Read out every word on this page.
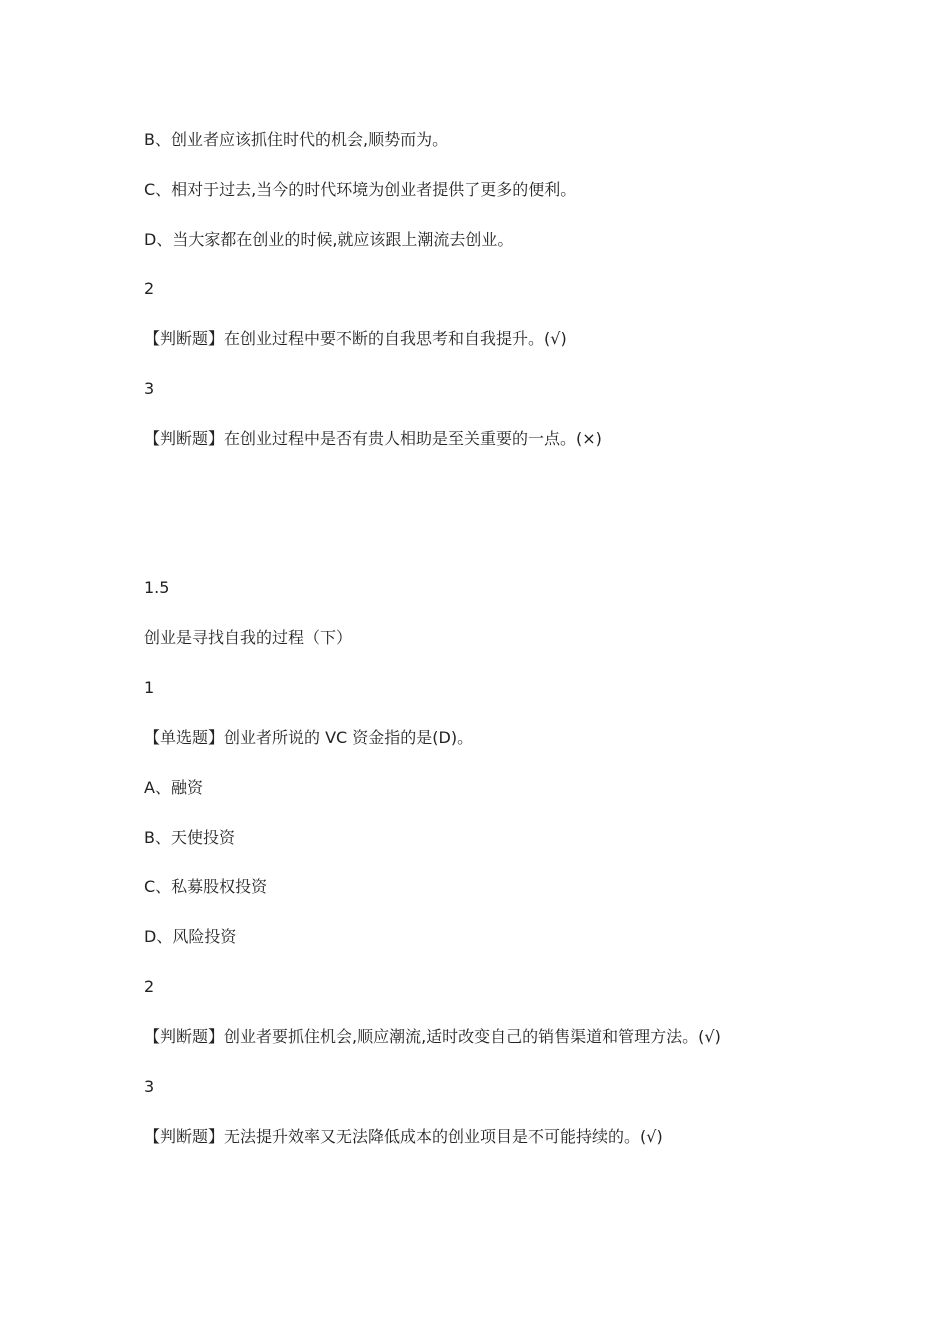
B、创业者应该抓住时代的机会,顺势而为。
C、相对于过去,当今的时代环境为创业者提供了更多的便利。
D、当大家都在创业的时候,就应该跟上潮流去创业。
2
【判断题】在创业过程中要不断的自我思考和自我提升。(√)
3
【判断题】在创业过程中是否有贵人相助是至关重要的一点。(×)
1.5
创业是寻找自我的过程（下）
1
【单选题】创业者所说的 VC 资金指的是(D)。
A、融资
B、天使投资
C、私募股权投资
D、风险投资
2
【判断题】创业者要抓住机会,顺应潮流,适时改变自己的销售渠道和管理方法。(√)
3
【判断题】无法提升效率又无法降低成本的创业项目是不可能持续的。(√)
